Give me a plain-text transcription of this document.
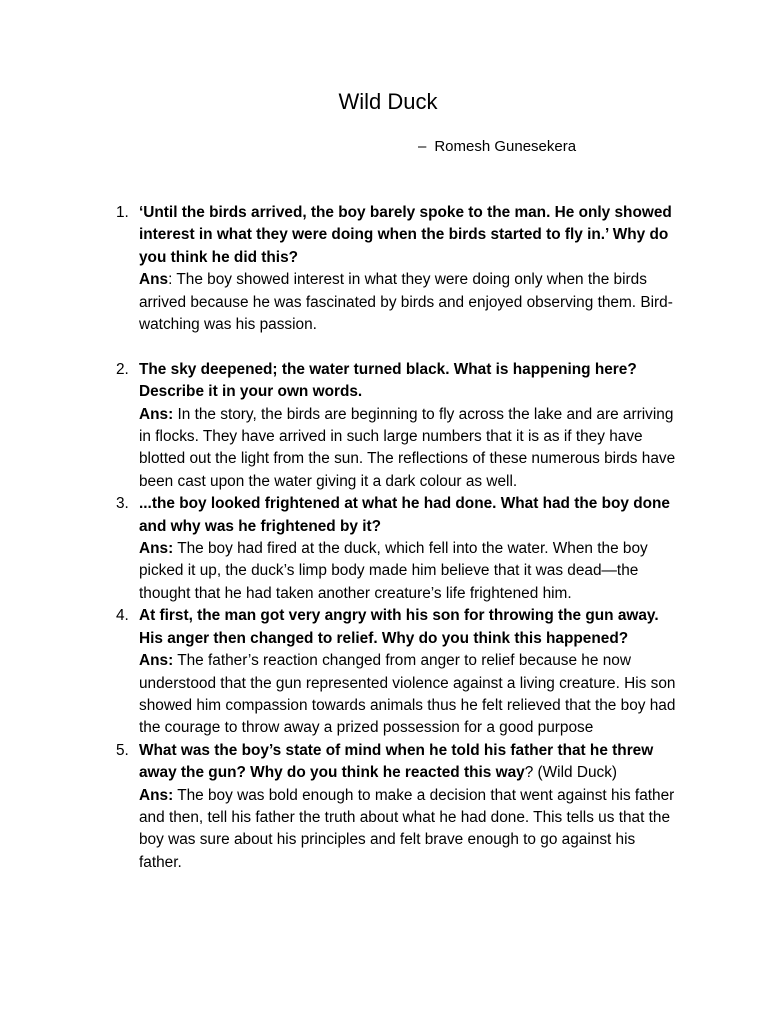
Wild Duck
– Romesh Gunesekera
1. ‘Until the birds arrived, the boy barely spoke to the man. He only showed interest in what they were doing when the birds started to fly in.’ Why do you think he did this?
Ans: The boy showed interest in what they were doing only when the birds arrived because he was fascinated by birds and enjoyed observing them. Bird-watching was his passion.
2. The sky deepened; the water turned black. What is happening here? Describe it in your own words.
Ans: In the story, the birds are beginning to fly across the lake and are arriving in flocks. They have arrived in such large numbers that it is as if they have blotted out the light from the sun. The reflections of these numerous birds have been cast upon the water giving it a dark colour as well.
3. ...the boy looked frightened at what he had done. What had the boy done and why was he frightened by it?
Ans: The boy had fired at the duck, which fell into the water. When the boy picked it up, the duck’s limp body made him believe that it was dead—the thought that he had taken another creature’s life frightened him.
4. At first, the man got very angry with his son for throwing the gun away. His anger then changed to relief. Why do you think this happened?
Ans: The father’s reaction changed from anger to relief because he now understood that the gun represented violence against a living creature. His son showed him compassion towards animals thus he felt relieved that the boy had the courage to throw away a prized possession for a good purpose
5. What was the boy’s state of mind when he told his father that he threw away the gun? Why do you think he reacted this way? (Wild Duck)
Ans: The boy was bold enough to make a decision that went against his father and then, tell his father the truth about what he had done. This tells us that the boy was sure about his principles and felt brave enough to go against his father.
